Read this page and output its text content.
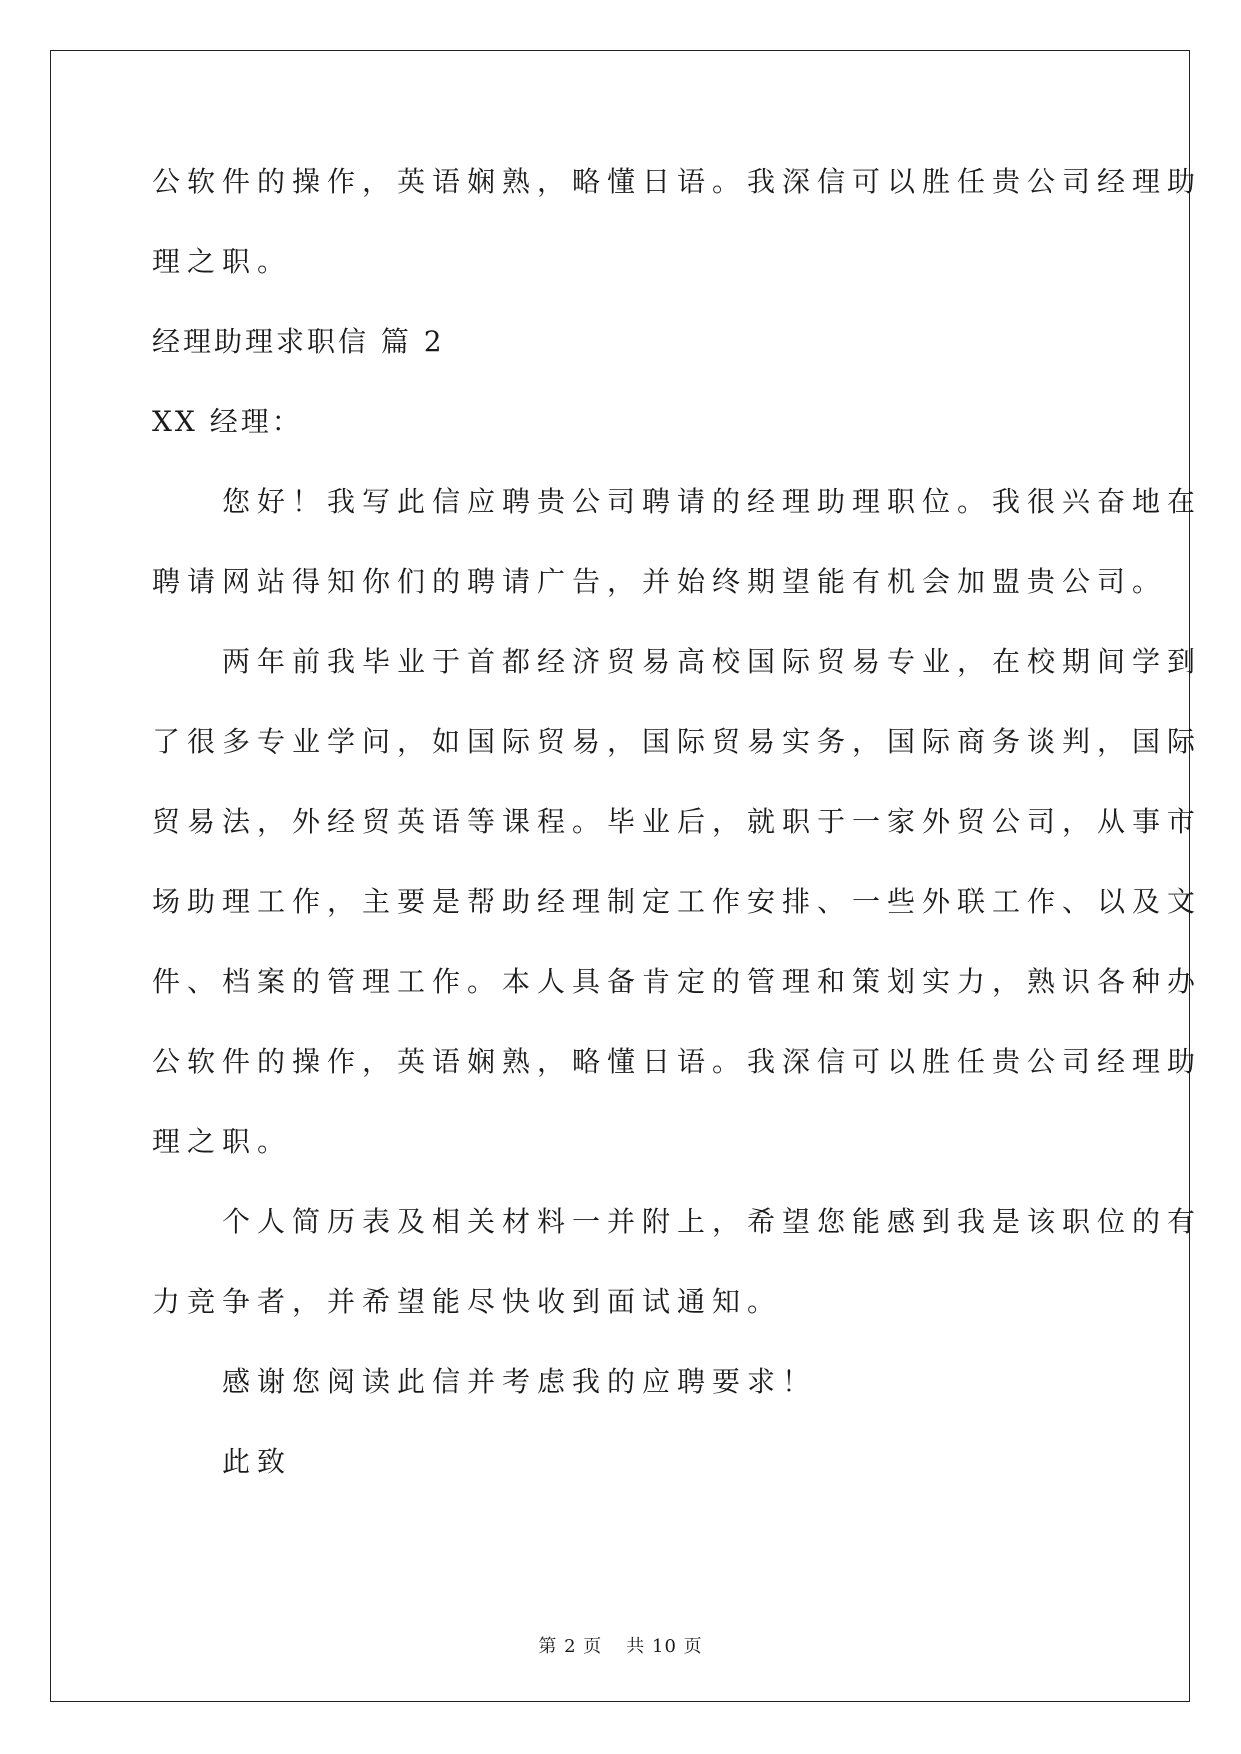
公软件的操作，英语娴熟，略懂日语。我深信可以胜任贵公司经理助
理之职。
经理助理求职信 篇 2
XX 经理：
　　您好！我写此信应聘贵公司聘请的经理助理职位。我很兴奋地在
聘请网站得知你们的聘请广告，并始终期望能有机会加盟贵公司。
　　两年前我毕业于首都经济贸易高校国际贸易专业，在校期间学到
了很多专业学问，如国际贸易，国际贸易实务，国际商务谈判，国际
贸易法，外经贸英语等课程。毕业后，就职于一家外贸公司，从事市
场助理工作，主要是帮助经理制定工作安排、一些外联工作、以及文
件、档案的管理工作。本人具备肯定的管理和策划实力，熟识各种办
公软件的操作，英语娴熟，略懂日语。我深信可以胜任贵公司经理助
理之职。
　　个人简历表及相关材料一并附上，希望您能感到我是该职位的有
力竞争者，并希望能尽快收到面试通知。
　　感谢您阅读此信并考虑我的应聘要求！
　　此致
第 2 页 共 10 页
